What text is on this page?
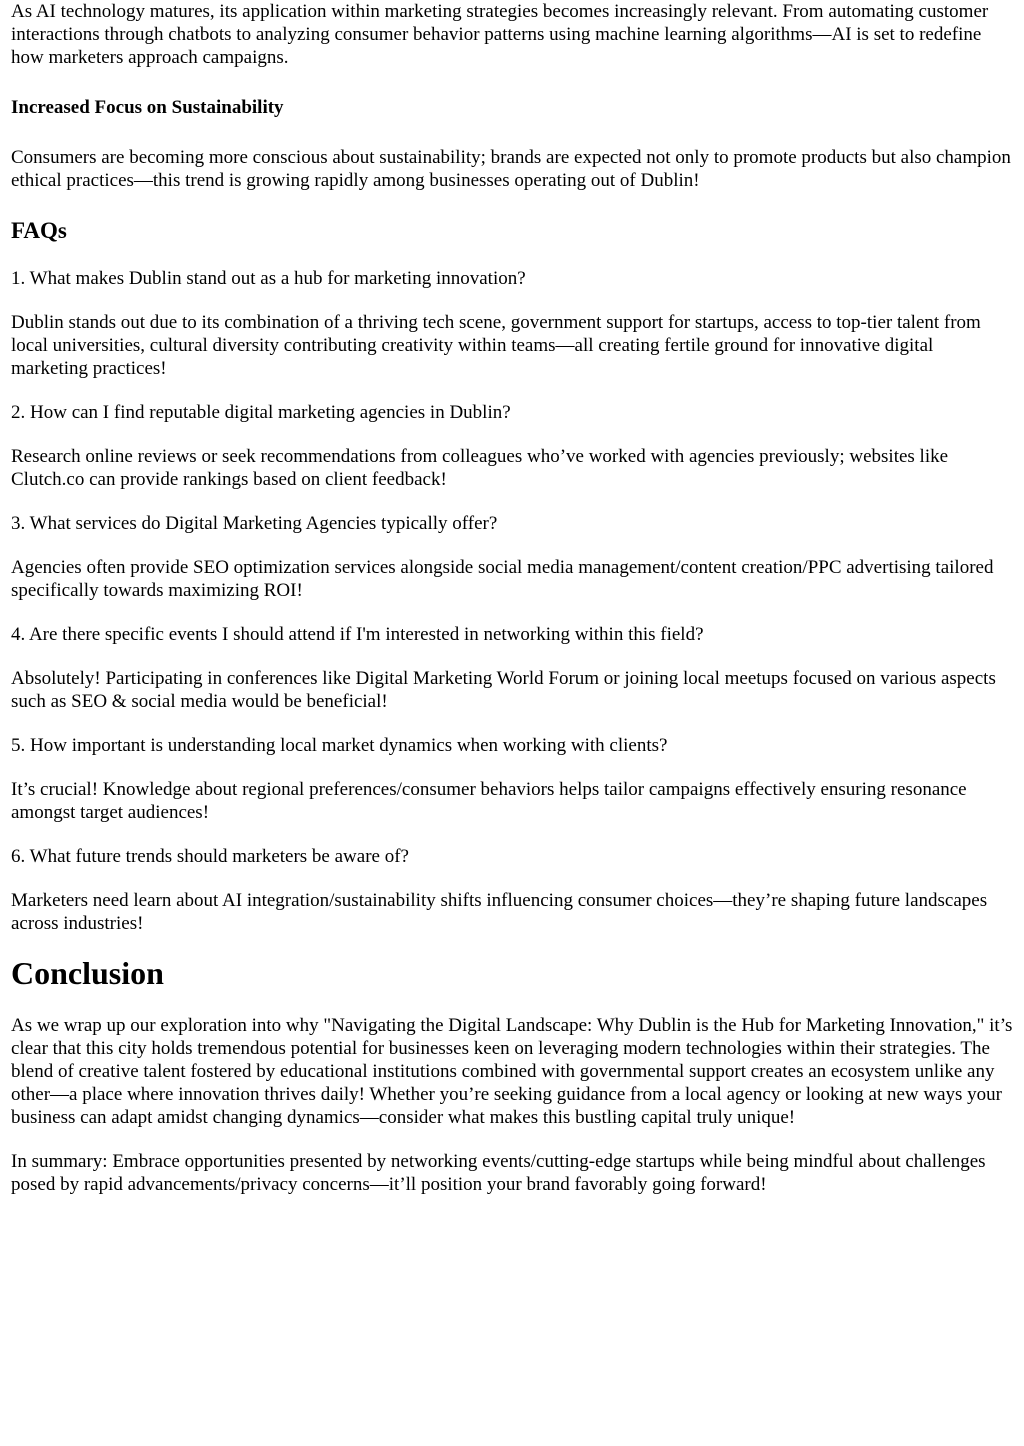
As AI technology matures, its application within marketing strategies becomes increasingly relevant. From automating customer interactions through chatbots to analyzing consumer behavior patterns using machine learning algorithms—AI is set to redefine how marketers approach campaigns.

Increased Focus on Sustainability

Consumers are becoming more conscious about sustainability; brands are expected not only to promote products but also champion ethical practices—this trend is growing rapidly among businesses operating out of Dublin!

FAQs

1. What makes Dublin stand out as a hub for marketing innovation?

Dublin stands out due to its combination of a thriving tech scene, government support for startups, access to top-tier talent from local universities, cultural diversity contributing creativity within teams—all creating fertile ground for innovative digital marketing practices!

2. How can I find reputable digital marketing agencies in Dublin?

Research online reviews or seek recommendations from colleagues who’ve worked with agencies previously; websites like Clutch.co can provide rankings based on client feedback!

3. What services do Digital Marketing Agencies typically offer?

Agencies often provide SEO optimization services alongside social media management/content creation/PPC advertising tailored specifically towards maximizing ROI!

4. Are there specific events I should attend if I'm interested in networking within this field?

Absolutely! Participating in conferences like Digital Marketing World Forum or joining local meetups focused on various aspects such as SEO & social media would be beneficial!

5. How important is understanding local market dynamics when working with clients?

It’s crucial! Knowledge about regional preferences/consumer behaviors helps tailor campaigns effectively ensuring resonance amongst target audiences!

6. What future trends should marketers be aware of?

Marketers need learn about AI integration/sustainability shifts influencing consumer choices—they’re shaping future landscapes across industries!

Conclusion

As we wrap up our exploration into why "Navigating the Digital Landscape: Why Dublin is the Hub for Marketing Innovation," it’s clear that this city holds tremendous potential for businesses keen on leveraging modern technologies within their strategies. The blend of creative talent fostered by educational institutions combined with governmental support creates an ecosystem unlike any other—a place where innovation thrives daily! Whether you’re seeking guidance from a local agency or looking at new ways your business can adapt amidst changing dynamics—consider what makes this bustling capital truly unique!

In summary: Embrace opportunities presented by networking events/cutting-edge startups while being mindful about challenges posed by rapid advancements/privacy concerns—it’ll position your brand favorably going forward!
